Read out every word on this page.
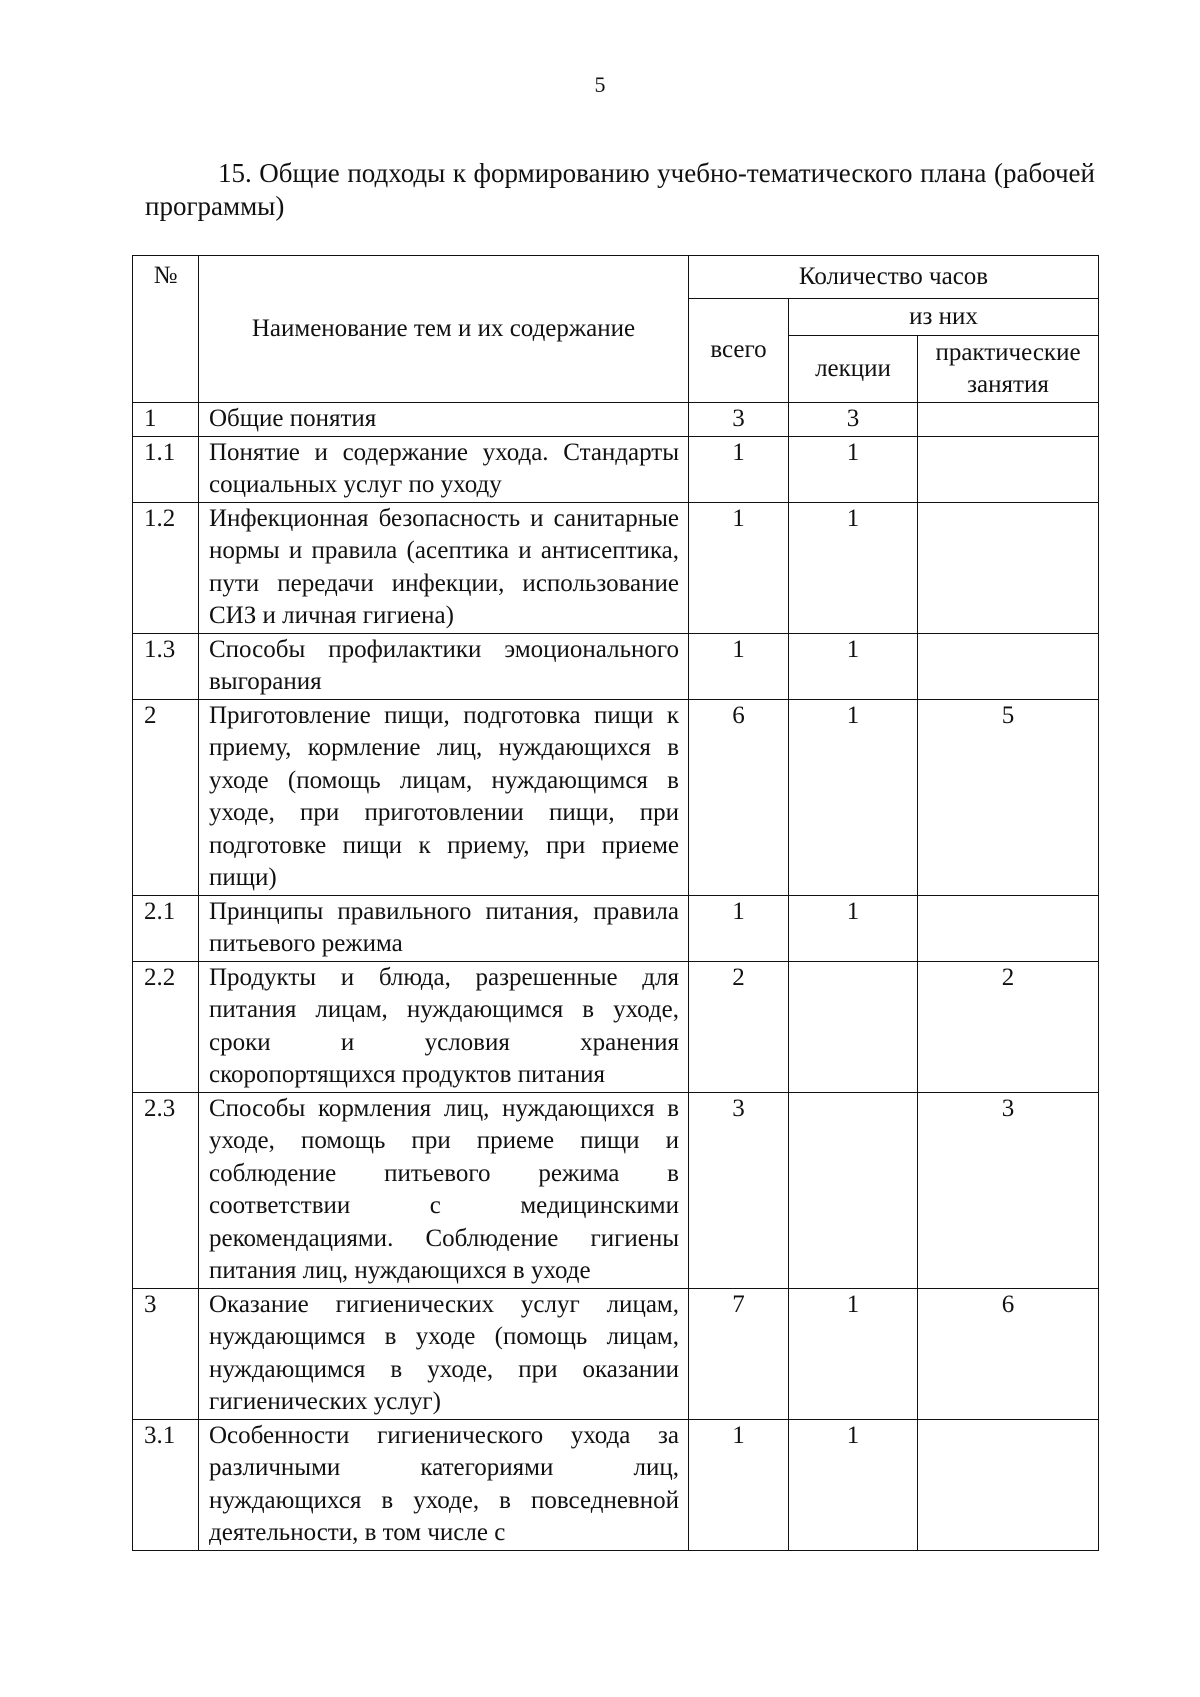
5
15. Общие подходы к формированию учебно-тематического плана (рабочей программы)
№	Наименование тем и их содержание	Количество часов		
		всего	из них	
			лекции	практические занятия
1	Общие понятия	3	3	
1.1	Понятие и содержание ухода. Стандарты социальных услуг по уходу	1	1	
1.2	Инфекционная безопасность и санитарные нормы и правила (асептика и антисептика, пути передачи инфекции, использование СИЗ и личная гигиена)	1	1	
1.3	Способы профилактики эмоционального выгорания	1	1	
2	Приготовление пищи, подготовка пищи к приему, кормление лиц, нуждающихся в уходе (помощь лицам, нуждающимся в уходе, при приготовлении пищи, при подготовке пищи к приему, при приеме пищи)	6	1	5
2.1	Принципы правильного питания, правила питьевого режима	1	1	
2.2	Продукты и блюда, разрешенные для питания лицам, нуждающимся в уходе, сроки и условия хранения скоропортящихся продуктов питания	2		2
2.3	Способы кормления лиц, нуждающихся в уходе, помощь при приеме пищи и соблюдение питьевого режима в соответствии с медицинскими рекомендациями. Соблюдение гигиены питания лиц, нуждающихся в уходе	3		3
3	Оказание гигиенических услуг лицам, нуждающимся в уходе (помощь лицам, нуждающимся в уходе, при оказании гигиенических услуг)	7	1	6
3.1	Особенности гигиенического ухода за различными категориями лиц, нуждающихся в уходе, в повседневной деятельности, в том числе с	1	1	
